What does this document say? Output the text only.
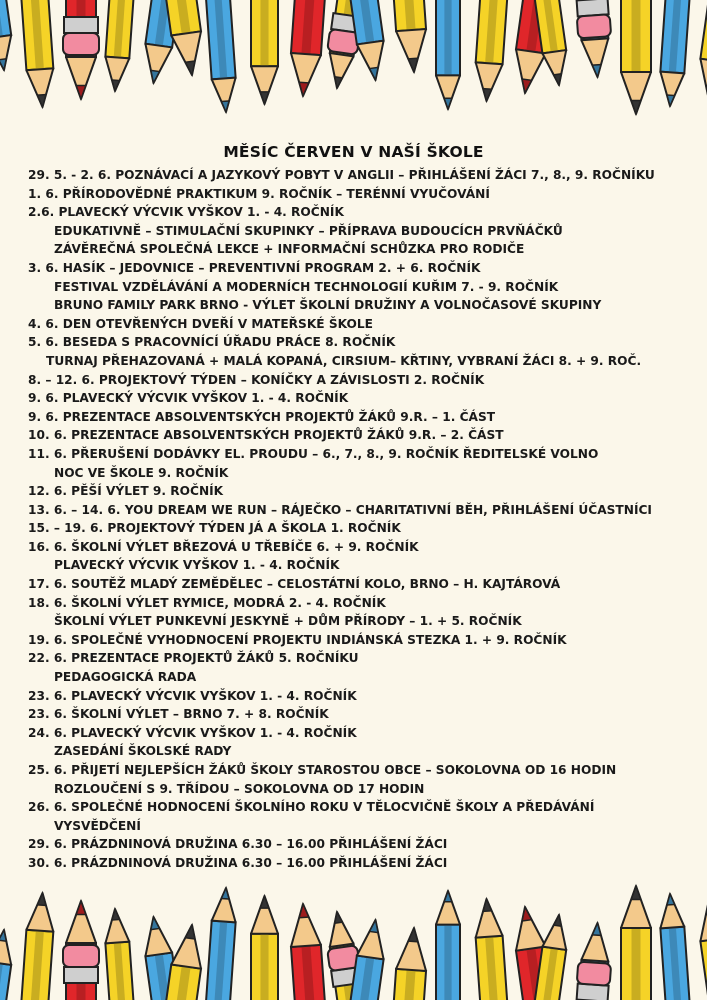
MĚSÍC ČERVEN V NAŠÍ ŠKOLE
29. 5. - 2. 6. POZNÁVACÍ A JAZYKOVÝ POBYT V ANGLII – PŘIHLÁŠENÍ ŽÁCI 7., 8., 9. ROČNÍKU
1. 6. PŘÍRODOVĚDNÉ PRAKTIKUM 9. ROČNÍK – TERÉNNÍ VYUČOVÁNÍ
2.6. PLAVECKÝ VÝCVIK VYŠKOV 1. - 4. ROČNÍK
EDUKATIVNĚ – STIMULAČNÍ SKUPINKY – PŘÍPRAVA BUDOUCÍCH PRVŇÁČKŮ
ZÁVĚREČNÁ SPOLEČNÁ LEKCE + INFORMAČNÍ SCHŮZKA PRO RODIČE
3. 6. HASÍK – JEDOVNICE – PREVENTIVNÍ PROGRAM 2. + 6. ROČNÍK
FESTIVAL VZDĚLÁVÁNÍ A MODERNÍCH TECHNOLOGIÍ KUŘIM 7. - 9. ROČNÍK
BRUNO FAMILY PARK BRNO - VÝLET ŠKOLNÍ DRUŽINY A VOLNOČASOVÉ SKUPINY
4. 6. DEN OTEVŘENÝCH DVEŘÍ V MATEŘSKÉ ŠKOLE
5. 6. BESEDA S PRACOVNÍCÍ ÚŘADU PRÁCE 8. ROČNÍK
TURNAJ PŘEHAZOVANÁ + MALÁ KOPANÁ, CIRSIUM– KŘTINY, VYBRANÍ ŽÁCI 8. + 9. ROČ.
8. – 12. 6. PROJEKTOVÝ TÝDEN – KONÍČKY A ZÁVISLOSTI 2. ROČNÍK
9. 6. PLAVECKÝ VÝCVIK VYŠKOV 1. - 4. ROČNÍK
9. 6. PREZENTACE ABSOLVENTSKÝCH PROJEKTŮ ŽÁKŮ 9.R. – 1. ČÁST
10. 6. PREZENTACE ABSOLVENTSKÝCH PROJEKTŮ ŽÁKŮ 9.R. – 2. ČÁST
11. 6. PŘERUŠENÍ DODÁVKY EL. PROUDU – 6., 7., 8., 9. ROČNÍK ŘEDITELSKÉ VOLNO
NOC VE ŠKOLE 9. ROČNÍK
12. 6. PĚŠÍ VÝLET 9. ROČNÍK
13. 6. – 14. 6. YOU DREAM WE RUN – RÁJEČKO – CHARITATIVNÍ BĚH, PŘIHLÁŠENÍ ÚČASTNÍCI
15. – 19. 6. PROJEKTOVÝ TÝDEN JÁ A ŠKOLA 1. ROČNÍK
16. 6. ŠKOLNÍ VÝLET BŘEZOVÁ U TŘEBÍČE 6. + 9. ROČNÍK
PLAVECKÝ VÝCVIK VYŠKOV 1. - 4. ROČNÍK
17. 6. SOUTĚŽ MLADÝ ZEMĚDĚLEC – CELOSTÁTNÍ KOLO, BRNO – H. KAJTÁROVÁ
18. 6. ŠKOLNÍ VÝLET RYMICE, MODRÁ 2. - 4. ROČNÍK
ŠKOLNÍ VÝLET PUNKEVNÍ JESKYNĚ + DŮM PŘÍRODY – 1. + 5. ROČNÍK
19. 6. SPOLEČNÉ VYHODNOCENÍ PROJEKTU INDIÁNSKÁ STEZKA 1. + 9. ROČNÍK
22. 6. PREZENTACE PROJEKTŮ ŽÁKŮ 5. ROČNÍKU
PEDAGOGICKÁ RADA
23. 6. PLAVECKÝ VÝCVIK VYŠKOV 1. - 4. ROČNÍK
23. 6. ŠKOLNÍ VÝLET – BRNO 7. + 8. ROČNÍK
24. 6. PLAVECKÝ VÝCVIK VYŠKOV 1. - 4. ROČNÍK
ZASEDÁNÍ ŠKOLSKÉ RADY
25. 6. PŘIJETÍ NEJLEPŠÍCH ŽÁKŮ ŠKOLY STAROSTOU OBCE – SOKOLOVNA OD 16 HODIN
ROZLOUČENÍ S 9. TŘÍDOU – SOKOLOVNA OD 17 HODIN
26. 6. SPOLEČNÉ HODNOCENÍ ŠKOLNÍHO ROKU V TĚLOCVIČNĚ ŠKOLY A PŘEDÁVÁNÍ
VYSVĚDČENÍ
29. 6. PRÁZDNINOVÁ DRUŽINA 6.30 – 16.00 PŘIHLÁŠENÍ ŽÁCI
30. 6. PRÁZDNINOVÁ DRUŽINA 6.30 – 16.00 PŘIHLÁŠENÍ ŽÁCI
